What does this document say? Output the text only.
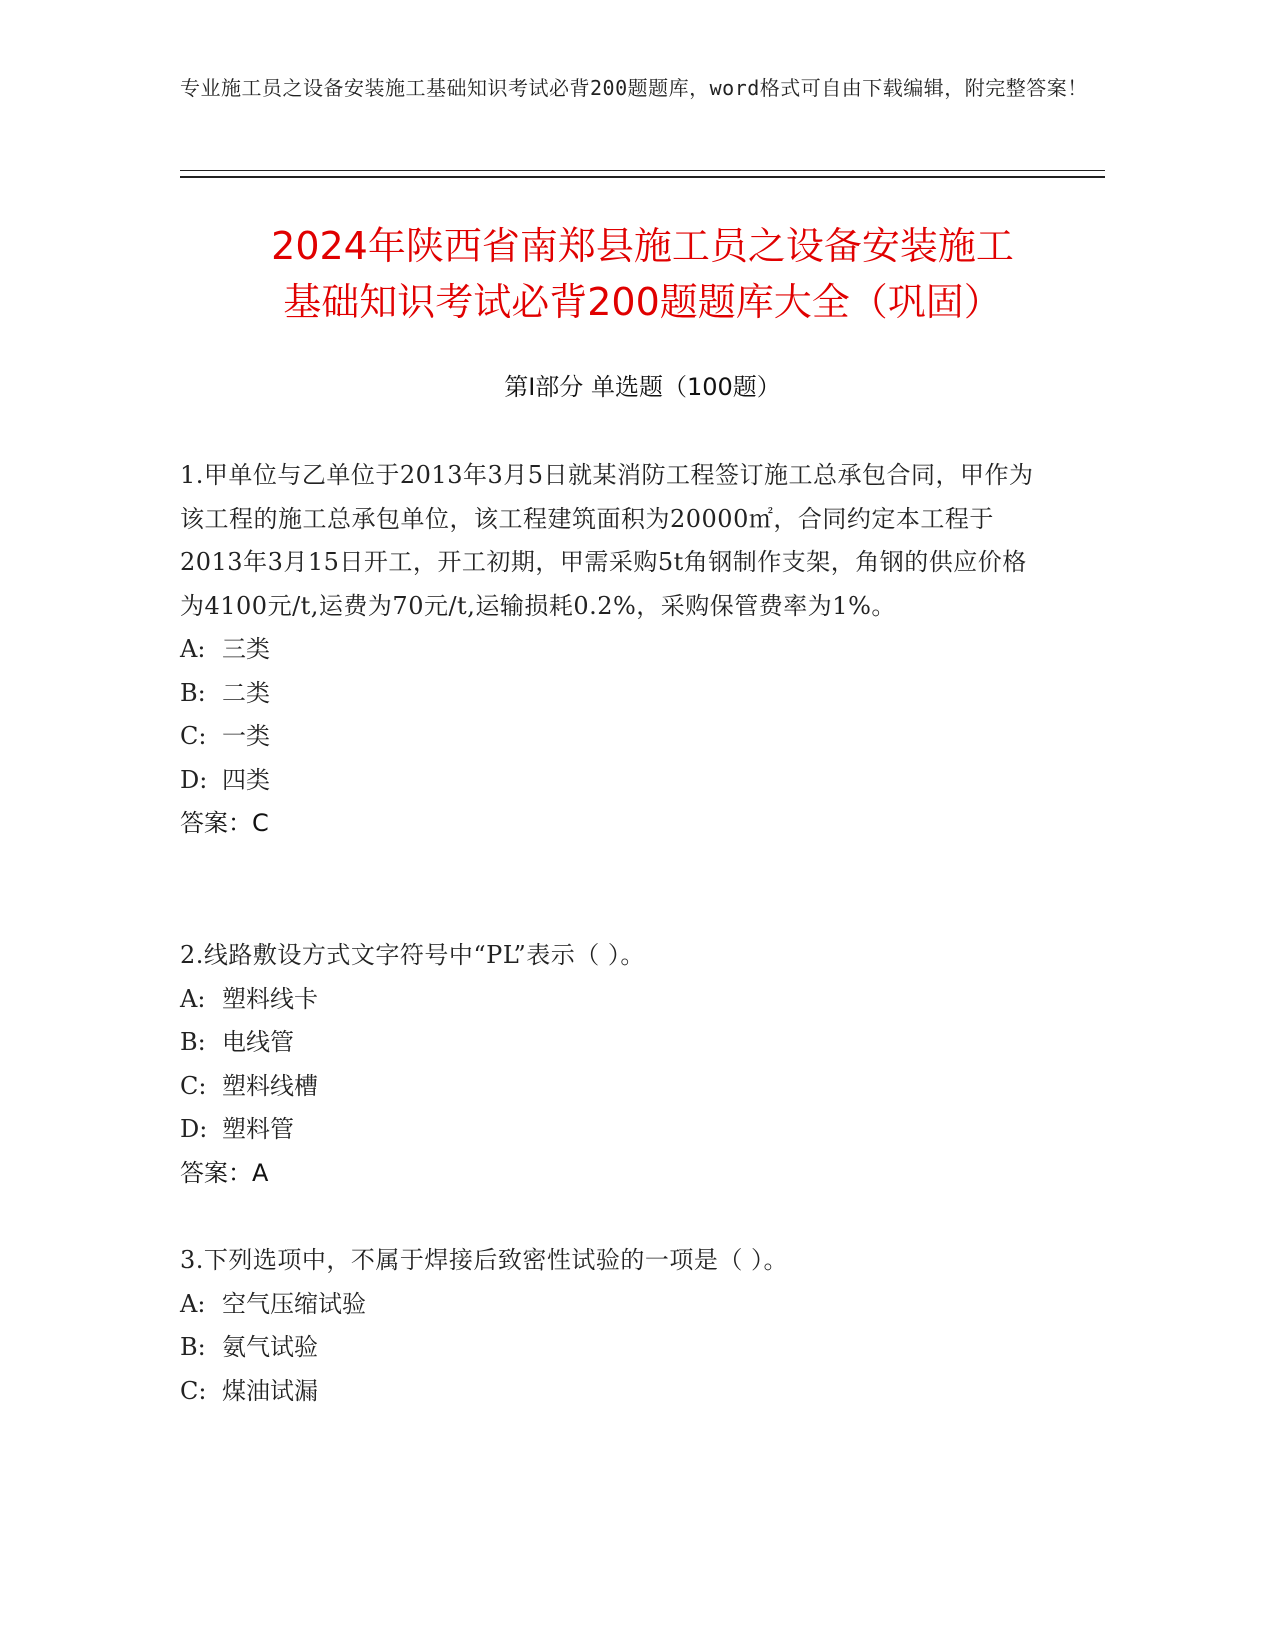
专业施工员之设备安装施工基础知识考试必背200题题库，word格式可自由下载编辑，附完整答案！
2024年陕西省南郑县施工员之设备安装施工
基础知识考试必背200题题库大全（巩固）
第I部分 单选题（100题）
1.甲单位与乙单位于2013年3月5日就某消防工程签订施工总承包合同，甲作为该工程的施工总承包单位，该工程建筑面积为20000㎡，合同约定本工程于2013年3月15日开工，开工初期，甲需采购5t角钢制作支架，角钢的供应价格为4100元/t,运费为70元/t,运输损耗0.2%，采购保管费率为1%。
A: 三类
B: 二类
C: 一类
D: 四类
答案：C
2.线路敷设方式文字符号中“PL”表示（ ）。
A: 塑料线卡
B: 电线管
C: 塑料线槽
D: 塑料管
答案：A
3.下列选项中，不属于焊接后致密性试验的一项是（ ）。
A: 空气压缩试验
B: 氨气试验
C: 煤油试漏
